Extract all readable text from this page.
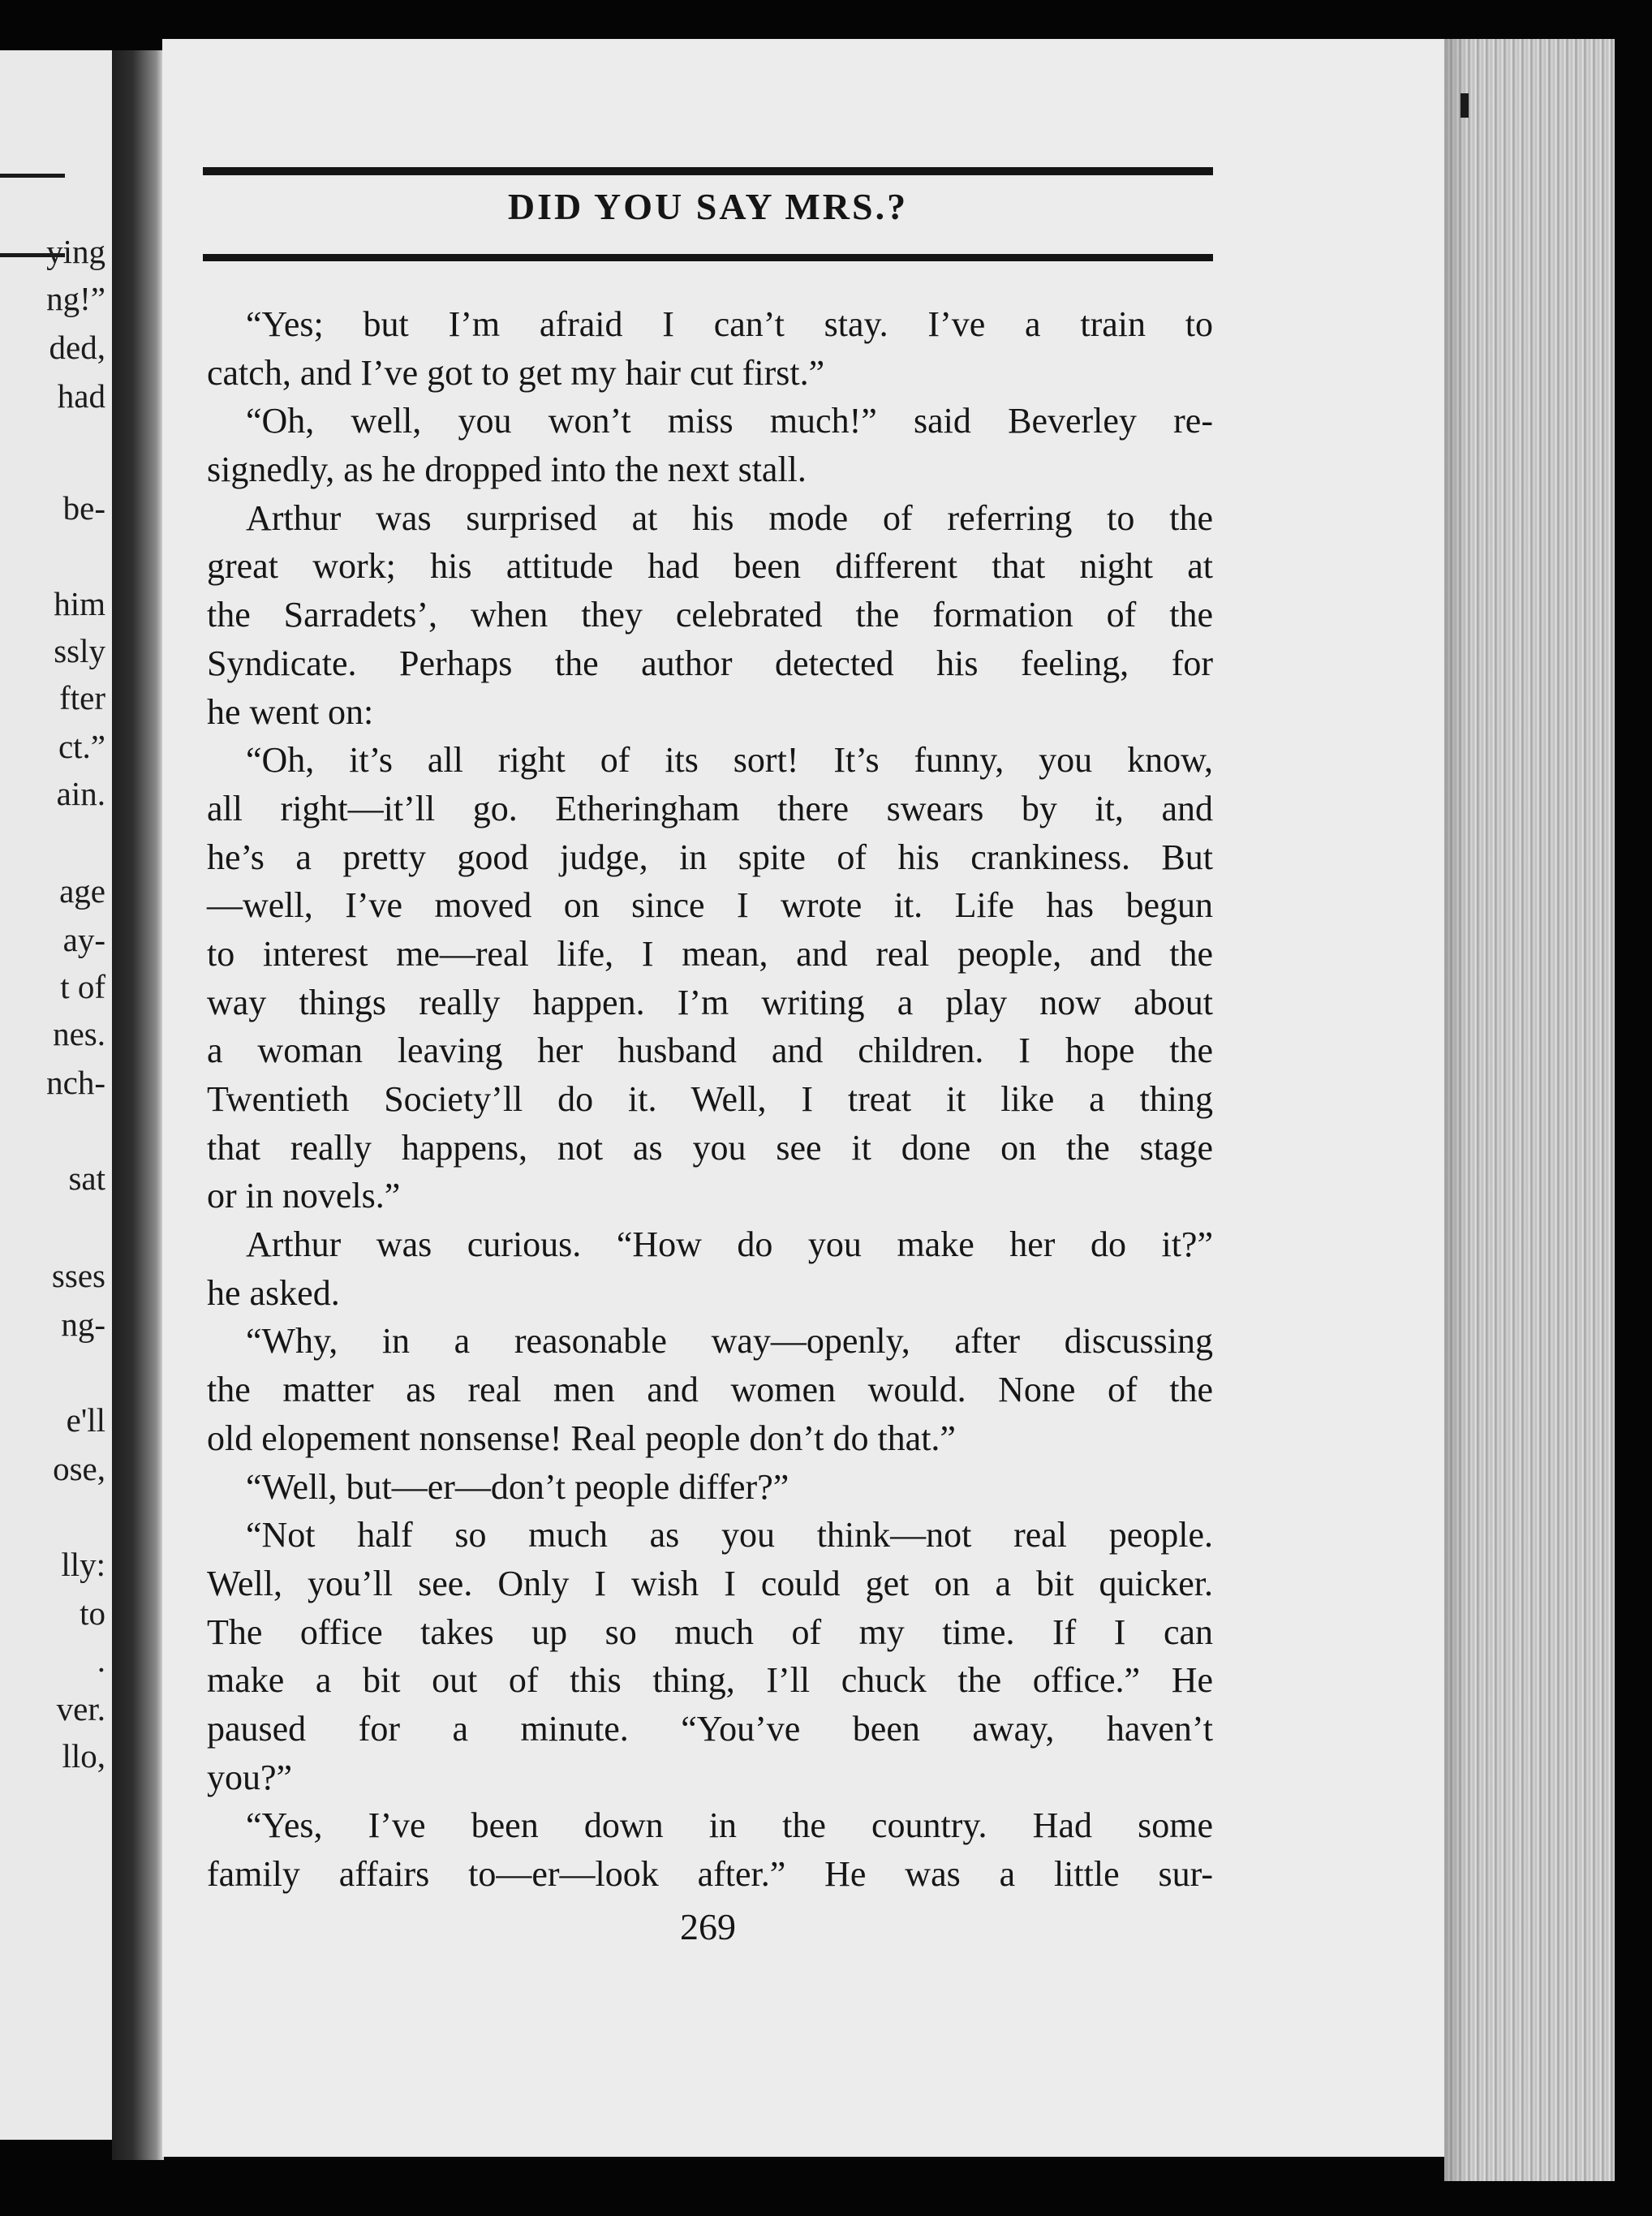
ying
ng!”
ded,
had
be-
him
ssly
fter
ct.”
ain.
age
ay-
t of
nes.
nch-
sat
sses
ng-
e'll
ose,
lly:
to
.
ver.
llo,
DID YOU SAY MRS.?
“Yes; but I’m afraid I can’t stay. I’ve a train to
catch, and I’ve got to get my hair cut first.”
“Oh, well, you won’t miss much!” said Beverley re-
signedly, as he dropped into the next stall.
Arthur was surprised at his mode of referring to the
great work; his attitude had been different that night at
the Sarradets’, when they celebrated the formation of the
Syndicate. Perhaps the author detected his feeling, for
he went on:
“Oh, it’s all right of its sort! It’s funny, you know,
all right—it’ll go. Etheringham there swears by it, and
he’s a pretty good judge, in spite of his crankiness. But
—well, I’ve moved on since I wrote it. Life has begun
to interest me—real life, I mean, and real people, and the
way things really happen. I’m writing a play now about
a woman leaving her husband and children. I hope the
Twentieth Society’ll do it. Well, I treat it like a thing
that really happens, not as you see it done on the stage
or in novels.”
Arthur was curious. “How do you make her do it?”
he asked.
“Why, in a reasonable way—openly, after discussing
the matter as real men and women would. None of the
old elopement nonsense! Real people don’t do that.”
“Well, but—er—don’t people differ?”
“Not half so much as you think—not real people.
Well, you’ll see. Only I wish I could get on a bit quicker.
The office takes up so much of my time. If I can
make a bit out of this thing, I’ll chuck the office.” He
paused for a minute. “You’ve been away, haven’t
you?”
“Yes, I’ve been down in the country. Had some
family affairs to—er—look after.” He was a little sur-
269
